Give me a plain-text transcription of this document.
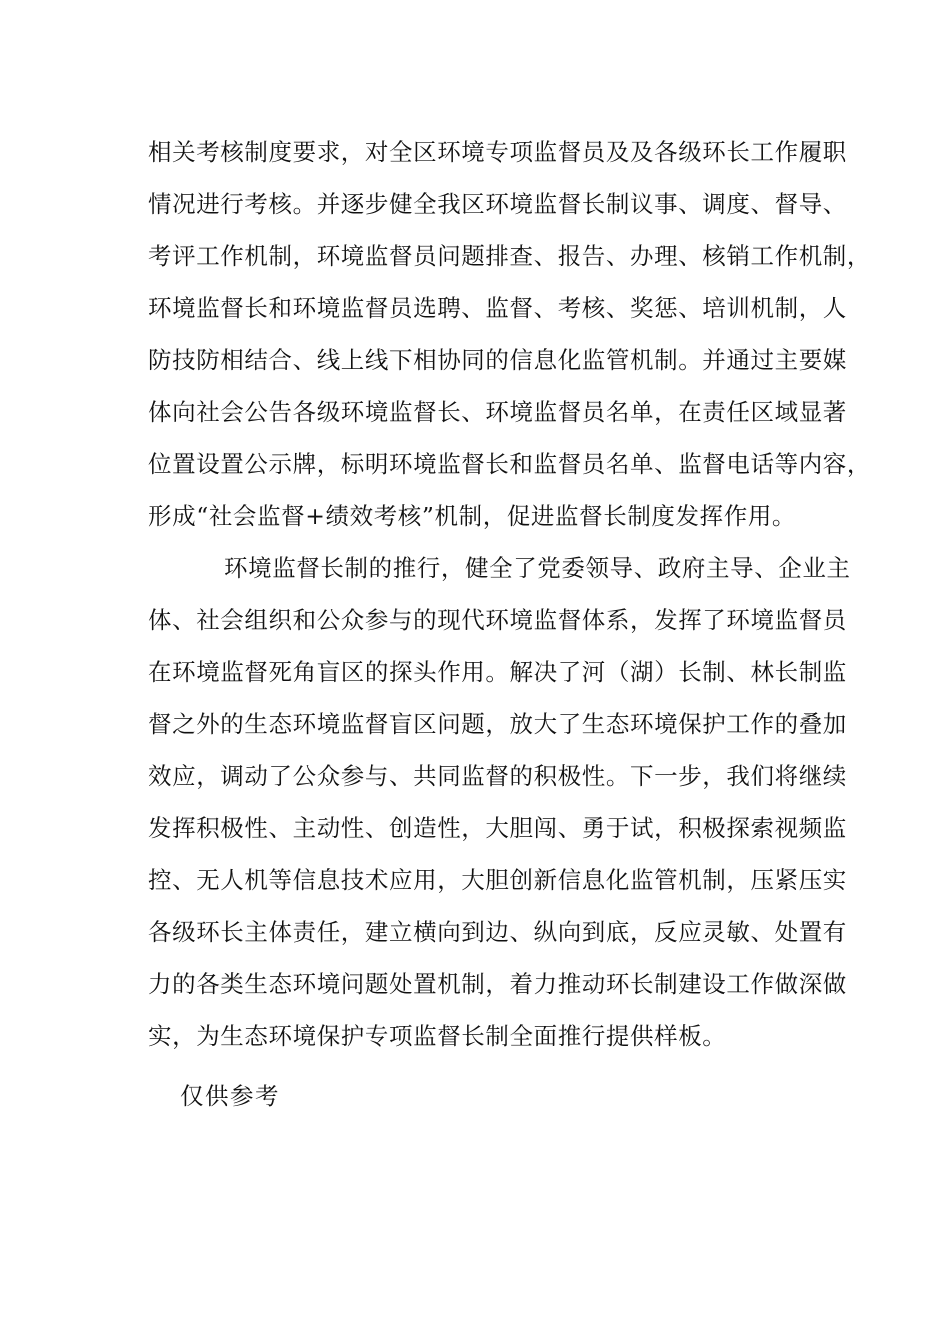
相关考核制度要求，对全区环境专项监督员及及各级环长工作履职
情况进行考核。并逐步健全我区环境监督长制议事、调度、督导、
考评工作机制，环境监督员问题排查、报告、办理、核销工作机制，
环境监督长和环境监督员选聘、监督、考核、奖惩、培训机制，人
防技防相结合、线上线下相协同的信息化监管机制。并通过主要媒
体向社会公告各级环境监督长、环境监督员名单，在责任区域显著
位置设置公示牌，标明环境监督长和监督员名单、监督电话等内容，
形成“社会监督+绩效考核”机制，促进监督长制度发挥作用。
环境监督长制的推行，健全了党委领导、政府主导、企业主
体、社会组织和公众参与的现代环境监督体系，发挥了环境监督员
在环境监督死角盲区的探头作用。解决了河（湖）长制、林长制监
督之外的生态环境监督盲区问题，放大了生态环境保护工作的叠加
效应，调动了公众参与、共同监督的积极性。下一步，我们将继续
发挥积极性、主动性、创造性，大胆闯、勇于试，积极探索视频监
控、无人机等信息技术应用，大胆创新信息化监管机制，压紧压实
各级环长主体责任，建立横向到边、纵向到底，反应灵敏、处置有
力的各类生态环境问题处置机制，着力推动环长制建设工作做深做
实，为生态环境保护专项监督长制全面推行提供样板。
仅供参考
